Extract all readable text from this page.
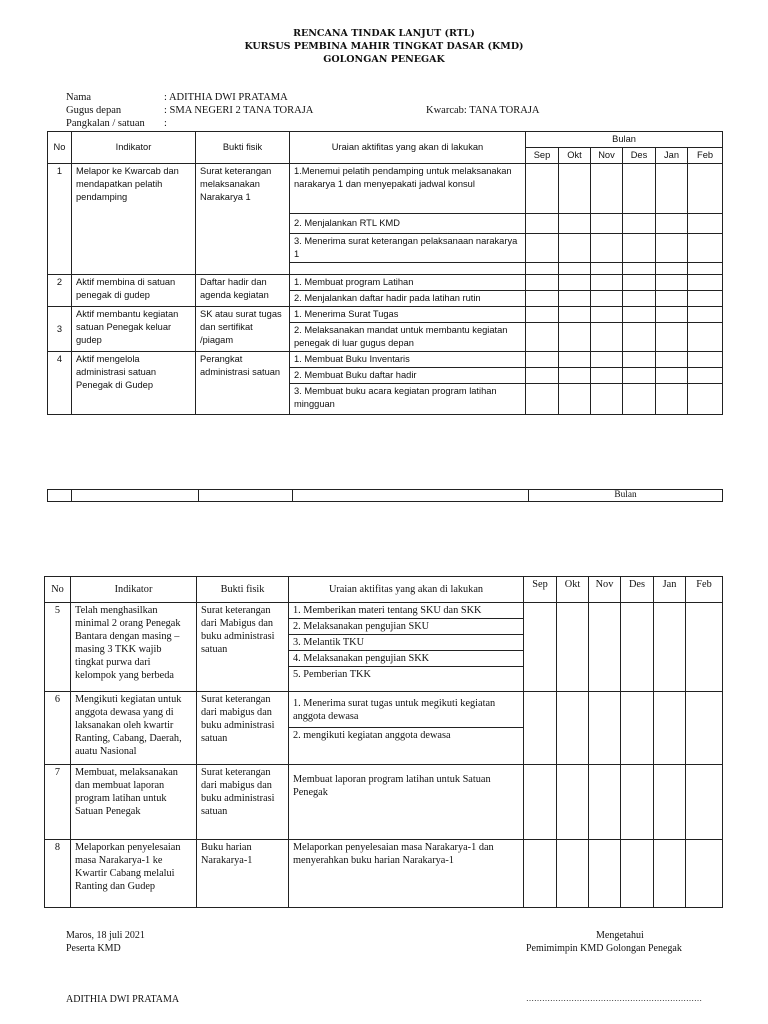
RENCANA TINDAK LANJUT (RTL)
KURSUS PEMBINA MAHIR TINGKAT DASAR (KMD)
GOLONGAN PENEGAK
Nama	: ADITHIA DWI PRATAMA
Gugus depan	: SMA NEGERI 2 TANA TORAJA	Kwarcab: TANA TORAJA
Pangkalan / satuan :
No	Indikator	Bukti fisik	Uraian aktifitas yang akan di lakukan	Bulan					
				Sep	Okt	Nov	Des	Jan	Feb
1	Melapor ke Kwarcab dan mendapatkan pelatih pendamping	Surat keterangan melaksanakan Narakarya 1	1.Menemui pelatih pendamping untuk melaksanakan narakarya 1 dan menyepakati jadwal konsul						
			2. Menjalankan RTL KMD						
			3. Menerima surat keterangan pelaksanaan narakarya 1						

2	Aktif membina di satuan penegak di gudep	Daftar hadir dan agenda kegiatan	1. Membuat program Latihan						
			2. Menjalankan daftar hadir pada latihan rutin						
3	Aktif membantu kegiatan satuan Penegak keluar gudep	SK atau surat tugas dan sertifikat /piagam	1. Menerima Surat Tugas						
			2. Melaksanakan mandat untuk membantu kegiatan penegak di luar gugus depan						
4	Aktif mengelola administrasi satuan Penegak di Gudep	Perangkat administrasi satuan	1. Membuat Buku Inventaris						
			2. Membuat Buku daftar hadir						
			3. Membuat buku acara kegiatan program latihan mingguan						
				Bulan
No	Indikator	Bukti fisik	Uraian aktifitas yang akan di lakukan	Sep	Okt	Nov	Des	Jan	Feb
5	Telah menghasilkan minimal 2 orang Penegak Bantara dengan masing – masing 3 TKK wajib tingkat purwa dari kelompok yang berbeda	Surat keterangan dari Mabigus dan buku administrasi satuan	1. Memberikan materi tentang SKU dan SKK						
			2. Melaksanakan pengujian SKU						
			3. Melantik TKU						
			4. Melaksanakan pengujian SKK						
			5. Pemberian TKK						
6	Mengikuti kegiatan untuk anggota dewasa yang di laksanakan oleh kwartir Ranting, Cabang, Daerah, auatu Nasional	Surat keterangan dari mabigus dan buku administrasi satuan	1. Menerima surat tugas untuk megikuti kegiatan anggota dewasa						
			2. mengikuti kegiatan anggota dewasa						
7	Membuat, melaksanakan dan membuat laporan program latihan untuk Satuan Penegak	Surat keterangan dari mabigus dan buku administrasi satuan	Membuat laporan program latihan untuk Satuan Penegak						
8	Melaporkan penyelesaian masa Narakarya-1 ke Kwartir Cabang melalui Ranting dan Gudep	Buku harian Narakarya-1	Melaporkan penyelesaian masa Narakarya-1 dan menyerahkan buku harian Narakarya-1						
Maros, 18 juli 2021
Peserta KMD
Mengetahui
Pemimimpin KMD Golongan Penegak
ADITHIA DWI PRATAMA	…………………………………………………………
